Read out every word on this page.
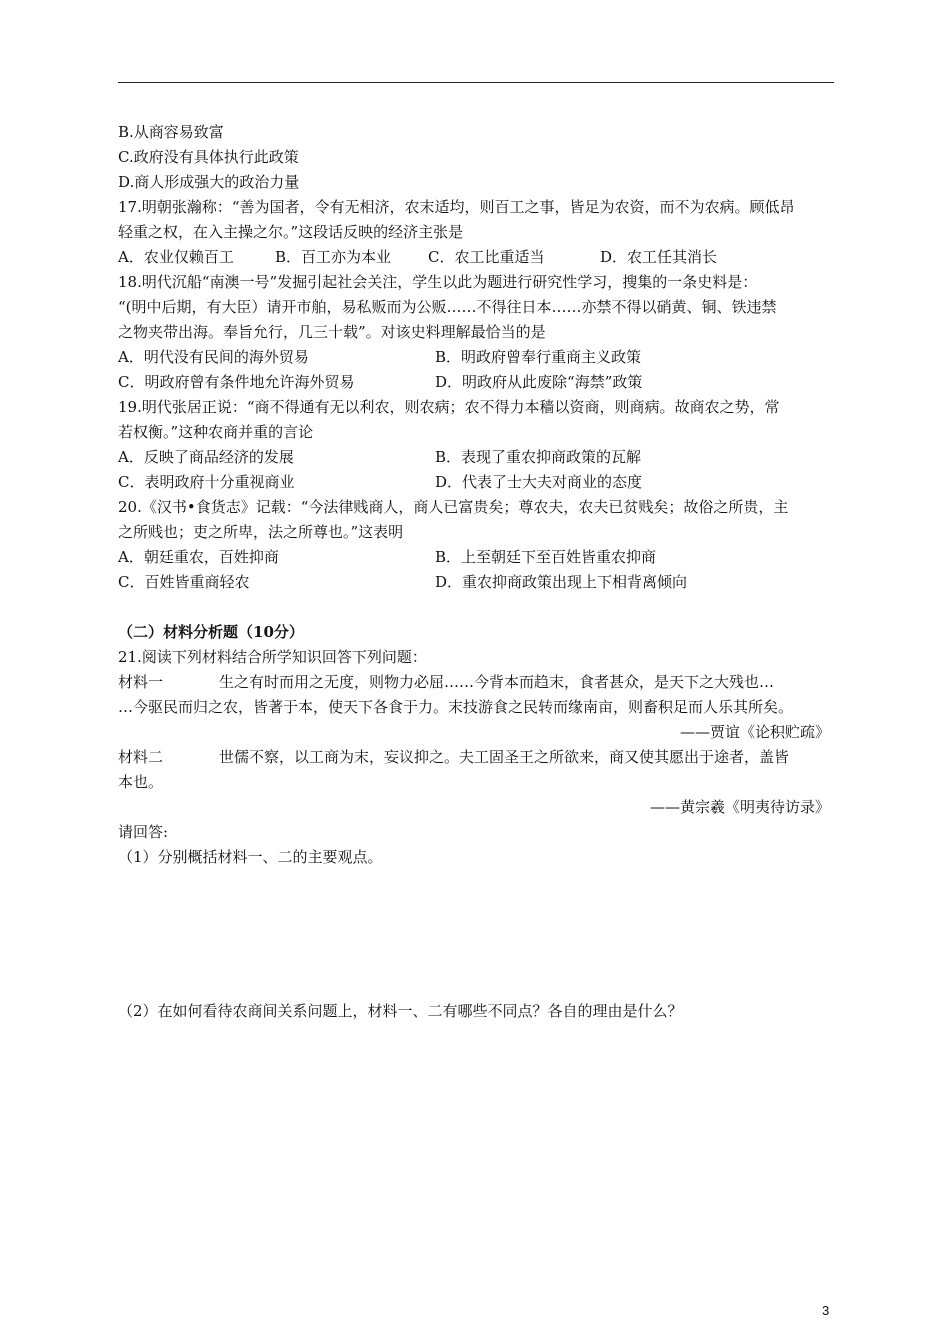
B.从商容易致富
C.政府没有具体执行此政策
D.商人形成强大的政治力量
17.明朝张瀚称：“善为国者，令有无相济，农末适均，则百工之事，皆足为农资，而不为农病。顾低昂
轻重之权，在入主操之尔。”这段话反映的经济主张是
A．农业仅赖百工	B．百工亦为本业	C．农工比重适当	D．农工任其消长
18.明代沉船“南澳一号”发掘引起社会关注，学生以此为题进行研究性学习，搜集的一条史料是：
“(明中后期，有大臣）请开市舶，易私贩而为公贩……不得往日本……亦禁不得以硝黄、铜、铁违禁
之物夹带出海。奉旨允行，几三十载”。对该史料理解最恰当的是
A．明代没有民间的海外贸易	B．明政府曾奉行重商主义政策
C．明政府曾有条件地允许海外贸易	D．明政府从此废除“海禁”政策
19.明代张居正说：“商不得通有无以利农，则农病；农不得力本穑以资商，则商病。故商农之势，常
若权衡。”这种农商并重的言论
A．反映了商品经济的发展	B．表现了重农抑商政策的瓦解
C．表明政府十分重视商业	D．代表了士大夫对商业的态度
20.《汉书•食货志》记载：“今法律贱商人，商人已富贵矣；尊农夫，农夫已贫贱矣；故俗之所贵，主
之所贱也；吏之所卑，法之所尊也。”这表明
A．朝廷重农，百姓抑商	B．上至朝廷下至百姓皆重农抑商
C．百姓皆重商轻农	D．重农抑商政策出现上下相背离倾向
（二）材料分析题（10分）
21.阅读下列材料结合所学知识回答下列问题：
材料一	生之有时而用之无度，则物力必屈……今背本而趋末，食者甚众，是天下之大残也…
…今驱民而归之农，皆著于本，使天下各食于力。末技游食之民转而缘南亩，则畜积足而人乐其所矣。
——贾谊《论积贮疏》
材料二	世儒不察，以工商为末，妄议抑之。夫工固圣王之所欲来，商又使其愿出于途者，盖皆
本也。
——黄宗羲《明夷待访录》
请回答:
（1）分别概括材料一、二的主要观点。
（2）在如何看待农商间关系问题上，材料一、二有哪些不同点？各自的理由是什么？
3
